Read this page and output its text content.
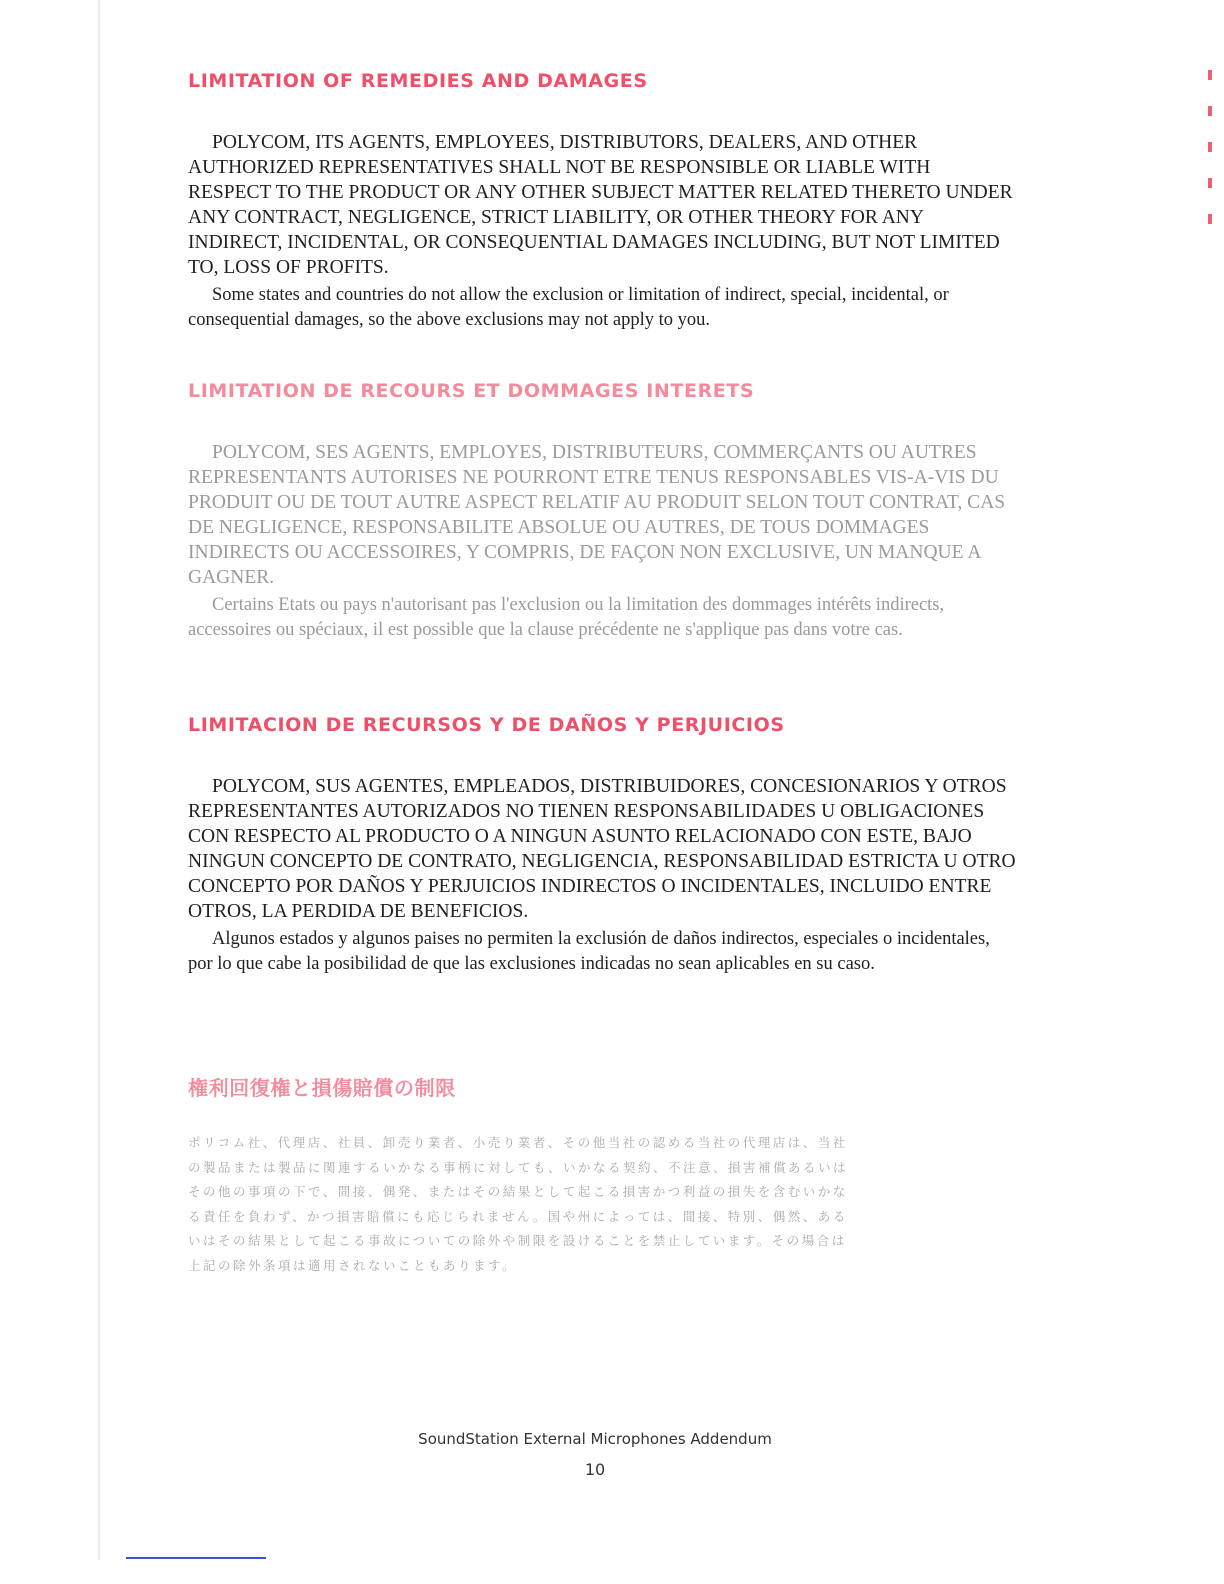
LIMITATION OF REMEDIES AND DAMAGES

POLYCOM, ITS AGENTS, EMPLOYEES, DISTRIBUTORS, DEALERS, AND OTHER AUTHORIZED REPRESENTATIVES SHALL NOT BE RESPONSIBLE OR LIABLE WITH RESPECT TO THE PRODUCT OR ANY OTHER SUBJECT MATTER RELATED THERETO UNDER ANY CONTRACT, NEGLIGENCE, STRICT LIABILITY, OR OTHER THEORY FOR ANY INDIRECT, INCIDENTAL, OR CONSEQUENTIAL DAMAGES INCLUDING, BUT NOT LIMITED TO, LOSS OF PROFITS.

Some states and countries do not allow the exclusion or limitation of indirect, special, incidental, or consequential damages, so the above exclusions may not apply to you.

LIMITATION DE RECOURS ET DOMMAGES INTERETS

POLYCOM, SES AGENTS, EMPLOYES, DISTRIBUTEURS, COMMERÇANTS OU AUTRES REPRESENTANTS AUTORISES NE POURRONT ETRE TENUS RESPONSABLES VIS-A-VIS DU PRODUIT OU DE TOUT AUTRE ASPECT RELATIF AU PRODUIT SELON TOUT CONTRAT, CAS DE NEGLIGENCE, RESPONSABILITE ABSOLUE OU AUTRES, DE TOUS DOMMAGES INDIRECTS OU ACCESSOIRES, Y COMPRIS, DE FAÇON NON EXCLUSIVE, UN MANQUE A GAGNER.

Certains Etats ou pays n'autorisant pas l'exclusion ou la limitation des dommages intérêts indirects, accessoires ou spéciaux, il est possible que la clause précédente ne s'applique pas dans votre cas.

LIMITACION DE RECURSOS Y DE DAÑOS Y PERJUICIOS

POLYCOM, SUS AGENTES, EMPLEADOS, DISTRIBUIDORES, CONCESIONARIOS Y OTROS REPRESENTANTES AUTORIZADOS NO TIENEN RESPONSABILIDADES U OBLIGACIONES CON RESPECTO AL PRODUCTO O A NINGUN ASUNTO RELACIONADO CON ESTE, BAJO NINGUN CONCEPTO DE CONTRATO, NEGLIGENCIA, RESPONSABILIDAD ESTRICTA U OTRO CONCEPTO POR DAÑOS Y PERJUICIOS INDIRECTOS O INCIDENTALES, INCLUIDO ENTRE OTROS, LA PERDIDA DE BENEFICIOS.

Algunos estados y algunos paises no permiten la exclusión de daños indirectos, especiales o incidentales, por lo que cabe la posibilidad de que las exclusiones indicadas no sean aplicables en su caso.

権利回復権と損傷賠償の制限

ポリコム社、代理店、社員、卸売り業者、小売り業者、その他当社の認める当社の代理店は、当社の製品または製品に関連するいかなる事柄に対しても、いかなる契約、不注意、損害補償あるいはその他の事項の下で、間接、偶発、またはその結果として起こる損害かつ利益の損失を含むいかなる責任を負わず、かつ損害賠償にも応じられません。国や州によっては、間接、特別、偶然、あるいはその結果として起こる事故についての除外や制限を設けることを禁止しています。その場合は上記の除外条項は適用されないこともあります。

SoundStation External Microphones Addendum
10
